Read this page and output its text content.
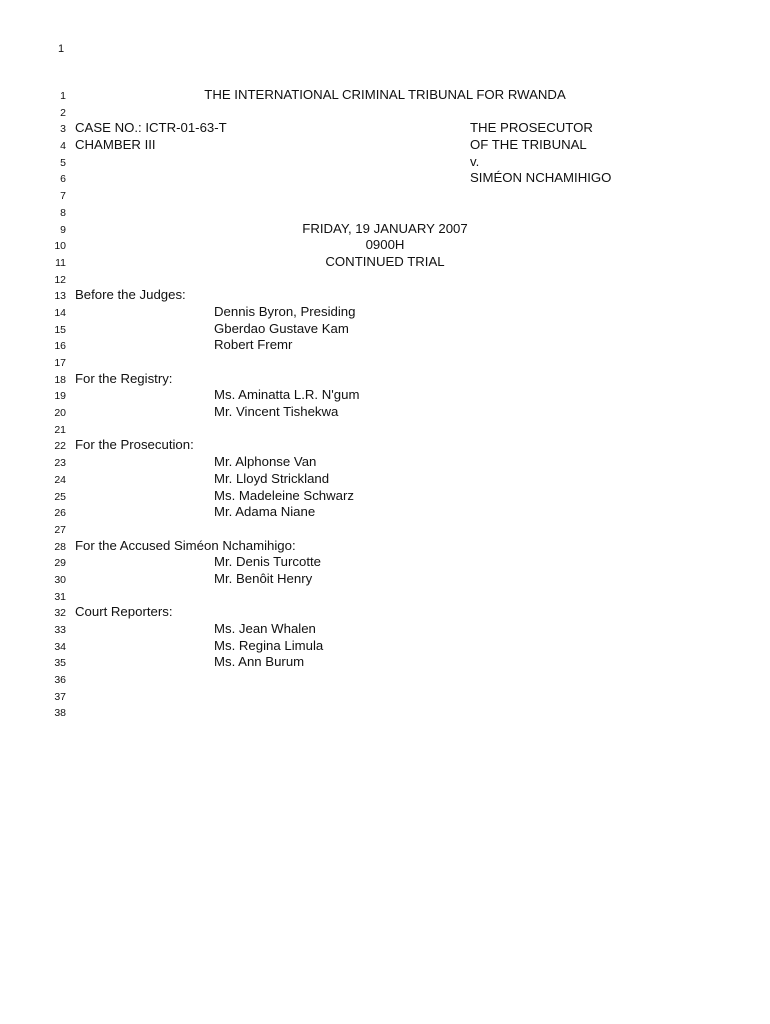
1
1	THE INTERNATIONAL CRIMINAL TRIBUNAL FOR RWANDA
2
3 CASE NO.: ICTR-01-63-T	THE PROSECUTOR
4 CHAMBER III	OF THE TRIBUNAL
5	v.
6	SIMÉON NCHAMIHIGO
7
8
9	FRIDAY, 19 JANUARY 2007
10	0900H
11	CONTINUED TRIAL
12
13 Before the Judges:
14	Dennis Byron, Presiding
15	Gberdao Gustave Kam
16	Robert Fremr
17
18 For the Registry:
19	Ms. Aminatta L.R. N'gum
20	Mr. Vincent Tishekwa
21
22 For the Prosecution:
23	Mr. Alphonse Van
24	Mr. Lloyd Strickland
25	Ms. Madeleine Schwarz
26	Mr. Adama Niane
27
28 For the Accused Siméon Nchamihigo:
29	Mr. Denis Turcotte
30	Mr. Benôit Henry
31
32 Court Reporters:
33	Ms. Jean Whalen
34	Ms. Regina Limula
35	Ms. Ann Burum
36
37
38
